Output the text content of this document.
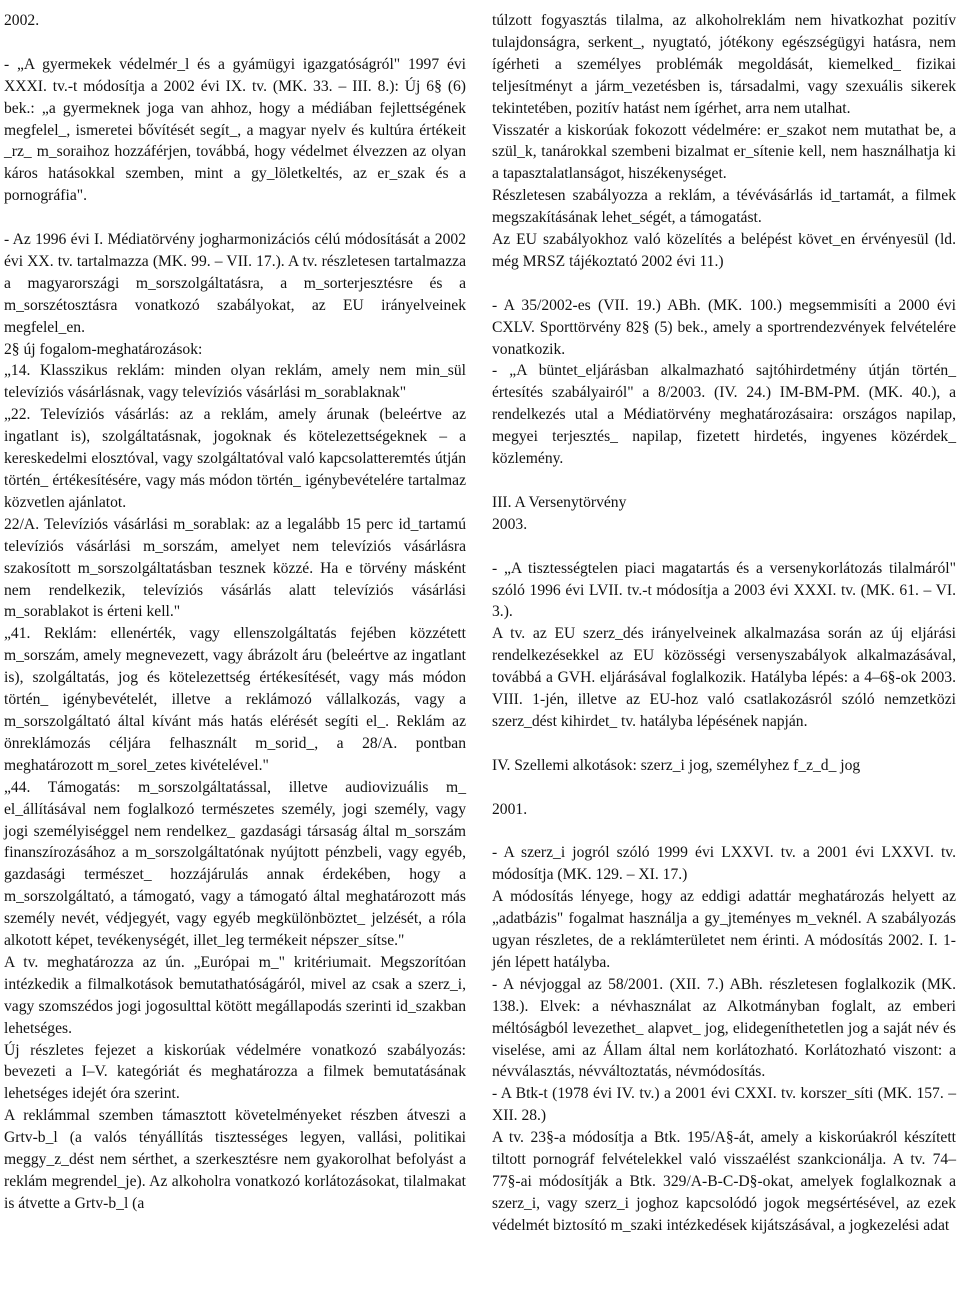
2002.

- „A gyermekek védelmér_l és a gyámügyi igazgatóságról" 1997 évi XXXI. tv.-t módosítja a 2002 évi IX. tv. (MK. 33. – III. 8.): Új 6§ (6) bek.: „a gyermeknek joga van ahhoz, hogy a médiában fejlettségének megfelel_, ismeretei bővítését segít_, a magyar nyelv és kultúra értékeit _rz_ m_soraihoz hozzáférjen, továbbá, hogy védelmet élvezzen az olyan káros hatásokkal szemben, mint a gy_löletkeltés, az er_szak és a pornográfia".

- Az 1996 évi I. Médiatörvény jogharmonizációs célú módosítását a 2002 évi XX. tv. tartalmazza (MK. 99. – VII. 17.). A tv. részletesen tartalmazza a magyarországi m_sorszolgáltatásra, a m_sorterjesztésre és a m_sorszétosztásra vonatkozó szabályokat, az EU irányelveinek megfelel_en.

2§ új fogalom-meghatározások:

„14. Klasszikus reklám: minden olyan reklám, amely nem min_sül televíziós vásárlásnak, vagy televíziós vásárlási m_sorablaknak"

„22. Televíziós vásárlás: az a reklám, amely árunak (beleértve az ingatlant is), szolgáltatásnak, jogoknak és kötelezettségeknek – a kereskedelmi elosztóval, vagy szolgáltatóval való kapcsolatteremtés útján történ_ értékesítésére, vagy más módon történ_ igénybevételére tartalmaz közvetlen ajánlatot.

22/A. Televíziós vásárlási m_sorablak: az a legalább 15 perc id_tartamú televíziós vásárlási m_sorszám, amelyet nem televíziós vásárlásra szakosított m_sorszolgáltatásban tesznek közzé. Ha e törvény másként nem rendelkezik, televíziós vásárlás alatt televíziós vásárlási m_sorablakot is érteni kell."

„41. Reklám: ellenérték, vagy ellenszolgáltatás fejében közzétett m_sorszám, amely megnevezett, vagy ábrázolt áru (beleértve az ingatlant is), szolgáltatás, jog és kötelezettség értékesítését, vagy más módon történ_ igénybevételét, illetve a reklámozó vállalkozás, vagy a m_sorszolgáltató által kívánt más hatás elérését segíti el_. Reklám az önreklámozás céljára felhasznált m_sorid_, a 28/A. pontban meghatározott m_sorel_zetes kivételével."

„44. Támogatás: m_sorszolgáltatással, illetve audiovizuális m_ el_állításával nem foglalkozó természetes személy, jogi személy, vagy jogi személyiséggel nem rendelkez_ gazdasági társaság által m_sorszám finanszírozásához a m_sorszolgáltatónak nyújtott pénzbeli, vagy egyéb, gazdasági természet_ hozzájárulás annak érdekében, hogy a m_sorszolgáltató, a támogató, vagy a támogató által meghatározott más személy nevét, védjegyét, vagy egyéb megkülönböztet_ jelzését, a róla alkotott képet, tevékenységét, illet_leg termékeit népszer_sítse."

A tv. meghatározza az ún. „Európai m_" kritériumait. Megszorítóan intézkedik a filmalkotások bemutathatóságáról, mivel az csak a szerz_i, vagy szomszédos jogi jogosulttal kötött megállapodás szerinti id_szakban lehetséges.

Új részletes fejezet a kiskorúak védelmére vonatkozó szabályozás: bevezeti a I–V. kategóriát és meghatározza a filmek bemutatásának lehetséges idejét óra szerint.

A reklámmal szemben támasztott követelményeket részben átveszi a Grtv-b_l (a valós tényállítás tisztességes legyen, vallási, politikai meggy_z_dést nem sérthet, a szerkesztésre nem gyakorolhat befolyást a reklám megrendel_je). Az alkoholra vonatkozó korlátozásokat, tilalmakat is átvette a Grtv-b_l (a

túlzott fogyasztás tilalma, az alkoholreklám nem hivatkozhat pozitív tulajdonságra, serkent_, nyugtató, jótékony egészségügyi hatásra, nem ígérheti a személyes problémák megoldását, kiemelked_ fizikai teljesítményt a járm_vezetésben is, társadalmi, vagy szexuális sikerek tekintetében, pozitív hatást nem ígérhet, arra nem utalhat.

Visszatér a kiskorúak fokozott védelmére: er_szakot nem mutathat be, a szül_k, tanárokkal szembeni bizalmat er_sítenie kell, nem használhatja ki a tapasztalatlanságot, hiszékenységet.

Részletesen szabályozza a reklám, a tévévásárlás id_tartamát, a filmek megszakításának lehet_ségét, a támogatást.

Az EU szabályokhoz való közelítés a belépést követ_en érvényesül (ld. még MRSZ tájékoztató 2002 évi 11.)

- A 35/2002-es (VII. 19.) ABh. (MK. 100.) megsemmisíti a 2000 évi CXLV. Sporttörvény 82§ (5) bek., amely a sportrendezvények felvételére vonatkozik.

- „A büntet_eljárásban alkalmazható sajtóhirdetmény útján történ_ értesítés szabályairól" a 8/2003. (IV. 24.) IM-BM-PM. (MK. 40.), a rendelkezés utal a Médiatörvény meghatározásaira: országos napilap, megyei terjesztés_ napilap, fizetett hirdetés, ingyenes közérdek_ közlemény.

III. A Versenytörvény

2003.

- „A tisztességtelen piaci magatartás és a versenykorlátozás tilalmáról" szóló 1996 évi LVII. tv.-t módosítja a 2003 évi XXXI. tv. (MK. 61. – VI. 3.).

A tv. az EU szerz_dés irányelveinek alkalmazása során az új eljárási rendelkezésekkel az EU közösségi versenyszabályok alkalmazásával, továbbá a GVH. eljárásával foglalkozik. Hatályba lépés: a 4–6§-ok 2003. VIII. 1-jén, illetve az EU-hoz való csatlakozásról szóló nemzetközi szerz_dést kihirdet_ tv. hatályba lépésének napján.

IV. Szellemi alkotások: szerz_i jog, személyhez f_z_d_ jog

2001.

- A szerz_i jogról szóló 1999 évi LXXVI. tv. a 2001 évi LXXVI. tv. módosítja (MK. 129. – XI. 17.)

A módosítás lényege, hogy az eddigi adattár meghatározás helyett az „adatbázis" fogalmat használja a gy_jteményes m_veknél. A szabályozás ugyan részletes, de a reklámterületet nem érinti. A módosítás 2002. I. 1-jén lépett hatályba.

- A névjoggal az 58/2001. (XII. 7.) ABh. részletesen foglalkozik (MK. 138.). Elvek: a névhasználat az Alkotmányban foglalt, az emberi méltóságból levezethet_ alapvet_ jog, elidegeníthetetlen jog a saját név és viselése, ami az Állam által nem korlátozható. Korlátozható viszont: a névválasztás, névváltoztatás, névmódosítás.

- A Btk-t (1978 évi IV. tv.) a 2001 évi CXXI. tv. korszer_síti (MK. 157. – XII. 28.)

A tv. 23§-a módosítja a Btk. 195/A§-át, amely a kiskorúakról készített tiltott pornográf felvételekkel való visszaélést szankcionálja. A tv. 74–77§-ai módosítják a Btk. 329/A-B-C-D§-okat, amelyek foglalkoznak a szerz_i, vagy szerz_i joghoz kapcsolódó jogok megsértésével, az ezek védelmét biztosító m_szaki intézkedések kijátszásával, a jogkezelési adat
